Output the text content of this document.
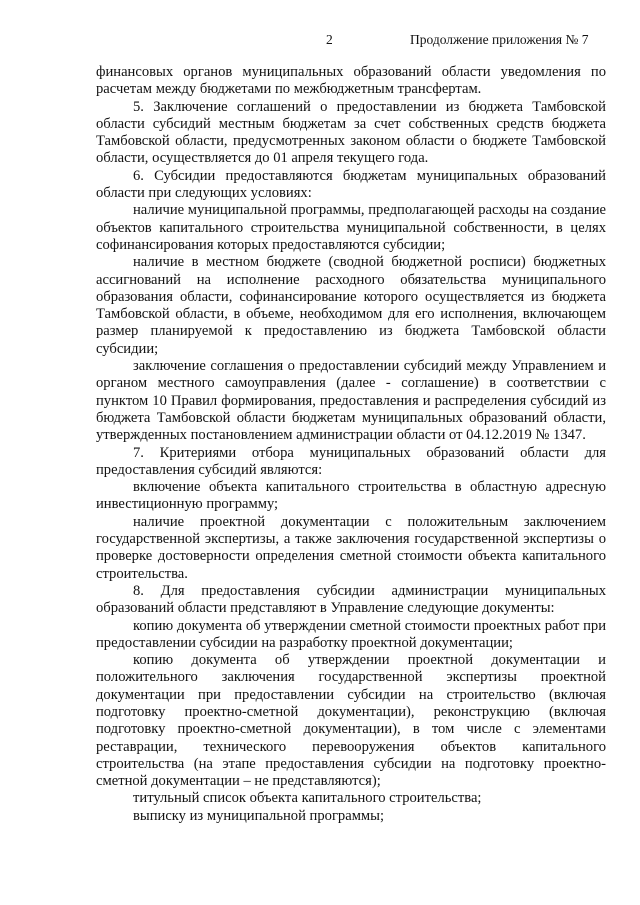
2	Продолжение приложения № 7

финансовых органов муниципальных образований области уведомления по расчетам между бюджетами по межбюджетным трансфертам.

5. Заключение соглашений о предоставлении из бюджета Тамбовской области субсидий местным бюджетам за счет собственных средств бюджета Тамбовской области, предусмотренных законом области о бюджете Тамбовской области, осуществляется до 01 апреля текущего года.

6. Субсидии предоставляются бюджетам муниципальных образований области при следующих условиях:

наличие муниципальной программы, предполагающей расходы на создание объектов капитального строительства муниципальной собственности, в целях софинансирования которых предоставляются субсидии;

наличие в местном бюджете (сводной бюджетной росписи) бюджетных ассигнований на исполнение расходного обязательства муниципального образования области, софинансирование которого осуществляется из бюджета Тамбовской области, в объеме, необходимом для его исполнения, включающем размер планируемой к предоставлению из бюджета Тамбовской области субсидии;

заключение соглашения о предоставлении субсидий между Управлением и органом местного самоуправления (далее - соглашение) в соответствии с пунктом 10 Правил формирования, предоставления и распределения субсидий из бюджета Тамбовской области бюджетам муниципальных образований области, утвержденных постановлением администрации области от 04.12.2019 № 1347.

7. Критериями отбора муниципальных образований области для предоставления субсидий являются:

включение объекта капитального строительства в областную адресную инвестиционную программу;

наличие проектной документации с положительным заключением государственной экспертизы, а также заключения государственной экспертизы о проверке достоверности определения сметной стоимости объекта капитального строительства.

8. Для предоставления субсидии администрации муниципальных образований области представляют в Управление следующие документы:

копию документа об утверждении сметной стоимости проектных работ при предоставлении субсидии на разработку проектной документации;

копию документа об утверждении проектной документации и положительного заключения государственной экспертизы проектной документации при предоставлении субсидии на строительство (включая подготовку проектно-сметной документации), реконструкцию (включая подготовку проектно-сметной документации), в том числе с элементами реставрации, технического перевооружения объектов капитального строительства (на этапе предоставления субсидии на подготовку проектно-сметной документации – не представляются);

титульный список объекта капитального строительства;

выписку из муниципальной программы;
